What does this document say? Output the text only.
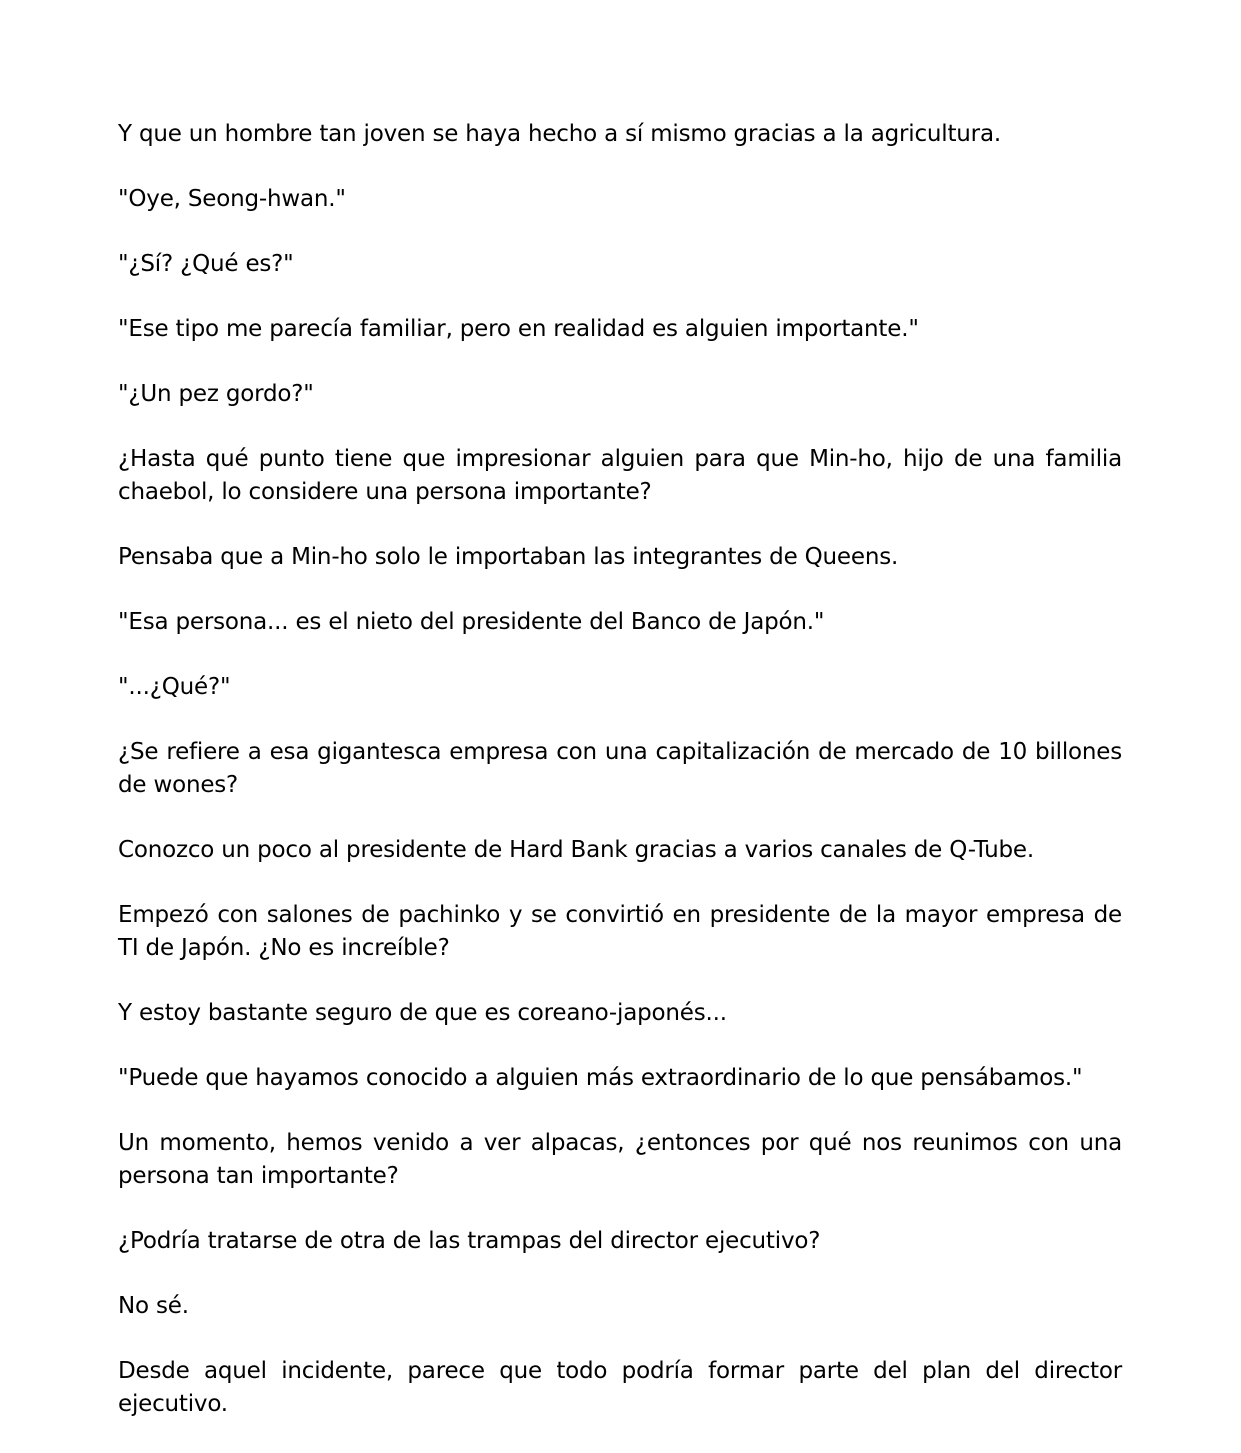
Y que un hombre tan joven se haya hecho a sí mismo gracias a la agricultura.

"Oye, Seong-hwan."

"¿Sí? ¿Qué es?"

"Ese tipo me parecía familiar, pero en realidad es alguien importante."

"¿Un pez gordo?"

¿Hasta qué punto tiene que impresionar alguien para que Min-ho, hijo de una familia chaebol, lo considere una persona importante?

Pensaba que a Min-ho solo le importaban las integrantes de Queens.

"Esa persona... es el nieto del presidente del Banco de Japón."

"...¿Qué?"

¿Se refiere a esa gigantesca empresa con una capitalización de mercado de 10 billones de wones?

Conozco un poco al presidente de Hard Bank gracias a varios canales de Q-Tube.

Empezó con salones de pachinko y se convirtió en presidente de la mayor empresa de TI de Japón. ¿No es increíble?

Y estoy bastante seguro de que es coreano-japonés...

"Puede que hayamos conocido a alguien más extraordinario de lo que pensábamos."

Un momento, hemos venido a ver alpacas, ¿entonces por qué nos reunimos con una persona tan importante?

¿Podría tratarse de otra de las trampas del director ejecutivo?

No sé.

Desde aquel incidente, parece que todo podría formar parte del plan del director ejecutivo.
